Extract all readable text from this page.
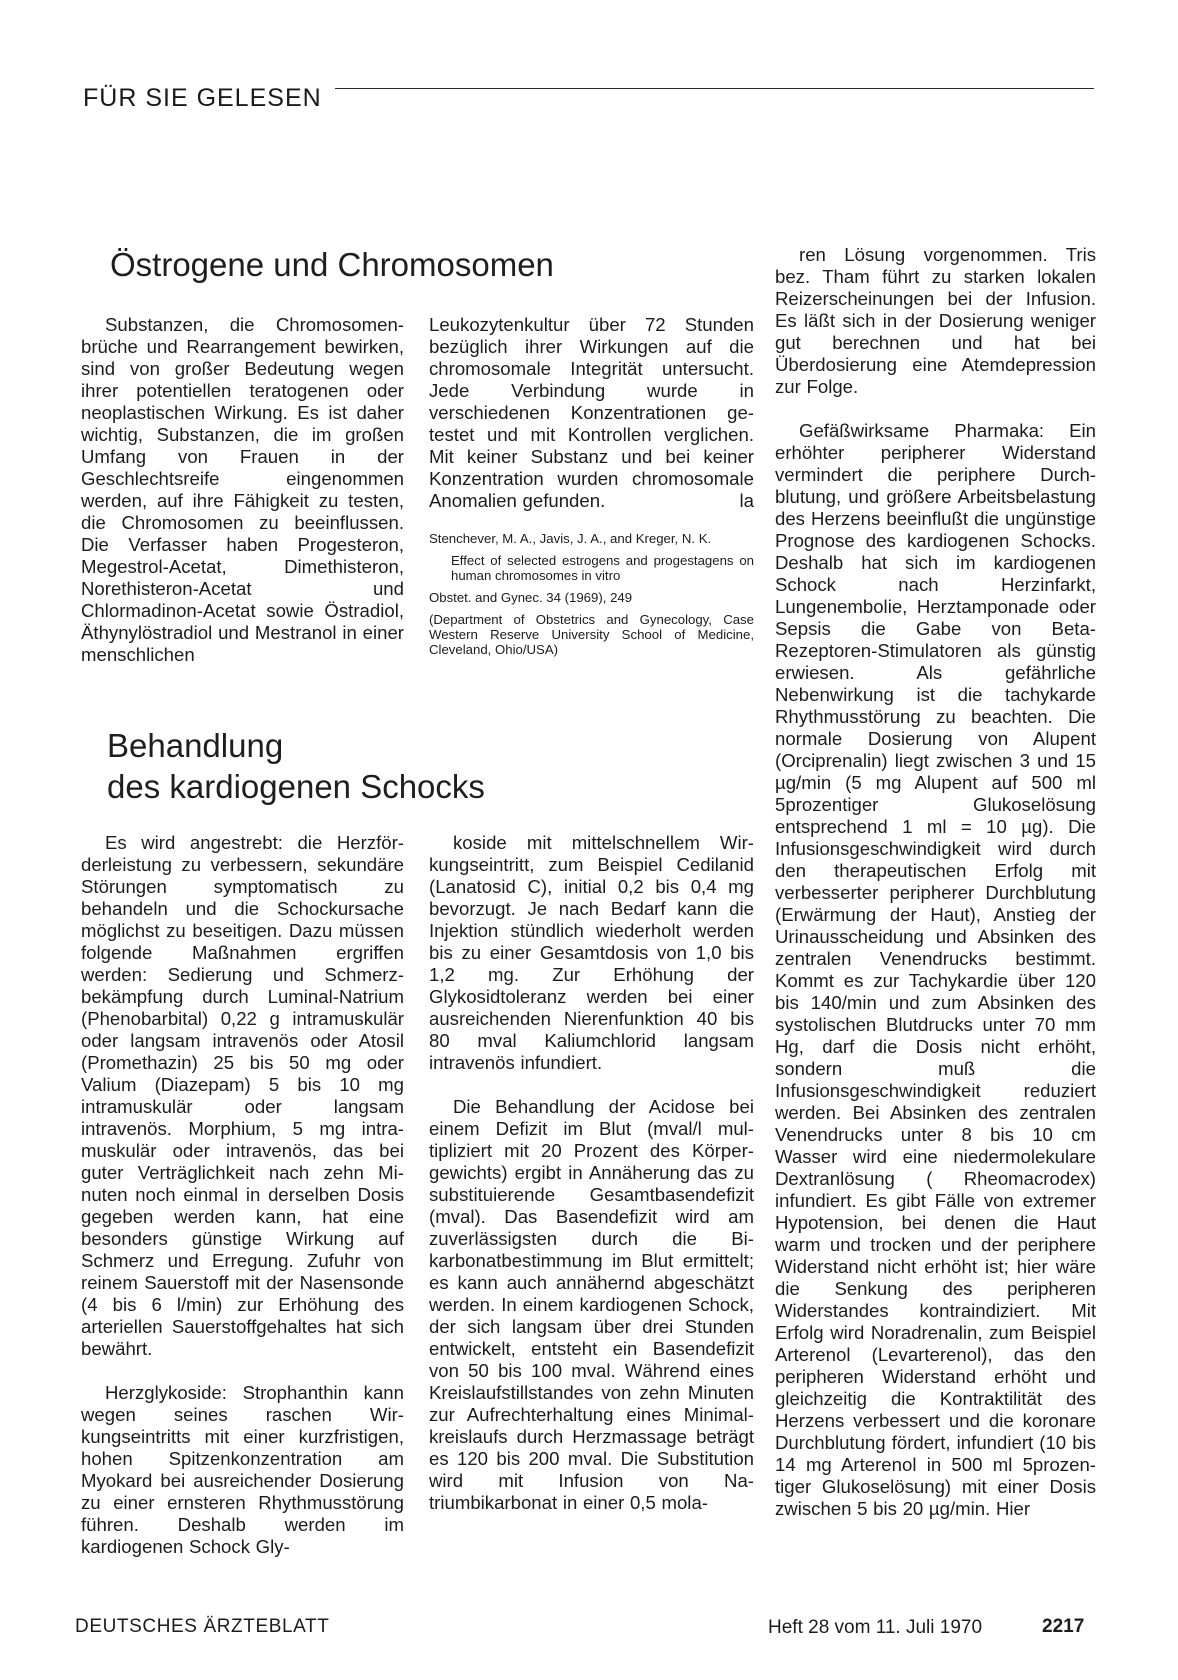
FÜR SIE GELESEN
Östrogene und Chromosomen

Substanzen, die Chromosomenbrüche und Rearrangement bewirken, sind von großer Bedeutung wegen ihrer potentiellen teratogenen oder neoplastischen Wirkung. Es ist daher wichtig, Substanzen, die im großen Umfang von Frauen in der Geschlechtsreife eingenommen werden, auf ihre Fähigkeit zu testen, die Chromosomen zu beeinflussen. Die Verfasser haben Progesteron, Megestrol-Acetat, Dimethisteron, Norethisteron-Acetat und Chlormadinon-Acetat sowie Östradiol, Äthynylöstradiol und Mestranol in einer menschlichen

Leukozytenkultur über 72 Stunden bezüglich ihrer Wirkungen auf die chromosomale Integrität untersucht. Jede Verbindung wurde in verschiedenen Konzentrationen getestet und mit Kontrollen verglichen. Mit keiner Substanz und bei keiner Konzentration wurden chromosomale Anomalien gefunden.	la

Stenchever, M. A., Javis, J. A., and Kreger, N. K.

Effect of selected estrogens and progestagens on human chromosomes in vitro

Obstet. and Gynec. 34 (1969), 249

(Department of Obstetrics and Gynecology, Case Western Reserve University School of Medicine, Cleveland, Ohio/USA)

Behandlung
des kardiogenen Schocks

Es wird angestrebt: die Herzförderleistung zu verbessern, sekundäre Störungen symptomatisch zu behandeln und die Schockursache möglichst zu beseitigen. Dazu müssen folgende Maßnahmen ergriffen werden: Sedierung und Schmerzbekämpfung durch Luminal-Natrium (Phenobarbital) 0,22 g intramuskulär oder langsam intravenös oder Atosil (Promethazin) 25 bis 50 mg oder Valium (Diazepam) 5 bis 10 mg intramuskulär oder langsam intravenös. Morphium, 5 mg intramuskulär oder intravenös, das bei guter Verträglichkeit nach zehn Minuten noch einmal in derselben Dosis gegeben werden kann, hat eine besonders günstige Wirkung auf Schmerz und Erregung. Zufuhr von reinem Sauerstoff mit der Nasensonde (4 bis 6 l/min) zur Erhöhung des arteriellen Sauerstoffgehaltes hat sich bewährt.

Herzglykoside: Strophanthin kann wegen seines raschen Wirkungseintritts mit einer kurzfristigen, hohen Spitzenkonzentration am Myokard bei ausreichender Dosierung zu einer ernsteren Rhythmusstörung führen. Deshalb werden im kardiogenen Schock Gly-

koside mit mittelschnellem Wirkungseintritt, zum Beispiel Cedilanid (Lanatosid C), initial 0,2 bis 0,4 mg bevorzugt. Je nach Bedarf kann die Injektion stündlich wiederholt werden bis zu einer Gesamtdosis von 1,0 bis 1,2 mg. Zur Erhöhung der Glykosidtoleranz werden bei einer ausreichenden Nierenfunktion 40 bis 80 mval Kaliumchlorid langsam intravenös infundiert.

Die Behandlung der Acidose bei einem Defizit im Blut (mval/l multipliziert mit 20 Prozent des Körpergewichts) ergibt in Annäherung das zu substituierende Gesamtbasendefizit (mval). Das Basendefizit wird am zuverlässigsten durch die Bikarbonatbestimmung im Blut ermittelt; es kann auch annähernd abgeschätzt werden. In einem kardiogenen Schock, der sich langsam über drei Stunden entwickelt, entsteht ein Basendefizit von 50 bis 100 mval. Während eines Kreislaufstillstandes von zehn Minuten zur Aufrechterhaltung eines Minimalkreislaufs durch Herzmassage beträgt es 120 bis 200 mval. Die Substitution wird mit Infusion von Natriumbikarbonat in einer 0,5 mola-

ren Lösung vorgenommen. Tris bez. Tham führt zu starken lokalen Reizerscheinungen bei der Infusion. Es läßt sich in der Dosierung weniger gut berechnen und hat bei Überdosierung eine Atemdepression zur Folge.

Gefäßwirksame Pharmaka: Ein erhöhter peripherer Widerstand vermindert die periphere Durchblutung, und größere Arbeitsbelastung des Herzens beeinflußt die ungünstige Prognose des kardiogenen Schocks. Deshalb hat sich im kardiogenen Schock nach Herzinfarkt, Lungenembolie, Herztamponade oder Sepsis die Gabe von Beta-Rezeptoren-Stimulatoren als günstig erwiesen. Als gefährliche Nebenwirkung ist die tachykarde Rhythmusstörung zu beachten. Die normale Dosierung von Alupent (Orciprenalin) liegt zwischen 3 und 15 µg/min (5 mg Alupent auf 500 ml 5prozentiger Glukoselösung entsprechend 1 ml = 10 µg). Die Infusionsgeschwindigkeit wird durch den therapeutischen Erfolg mit verbesserter peripherer Durchblutung (Erwärmung der Haut), Anstieg der Urinausscheidung und Absinken des zentralen Venendrucks bestimmt. Kommt es zur Tachykardie über 120 bis 140/min und zum Absinken des systolischen Blutdrucks unter 70 mm Hg, darf die Dosis nicht erhöht, sondern muß die Infusionsgeschwindigkeit reduziert werden. Bei Absinken des zentralen Venendrucks unter 8 bis 10 cm Wasser wird eine niedermolekulare Dextranlösung ( Rheomacrodex) infundiert. Es gibt Fälle von extremer Hypotension, bei denen die Haut warm und trocken und der periphere Widerstand nicht erhöht ist; hier wäre die Senkung des peripheren Widerstandes kontraindiziert. Mit Erfolg wird Noradrenalin, zum Beispiel Arterenol (Levarterenol), das den peripheren Widerstand erhöht und gleichzeitig die Kontraktilität des Herzens verbessert und die koronare Durchblutung fördert, infundiert (10 bis 14 mg Arterenol in 500 ml 5prozentiger Glukoselösung) mit einer Dosis zwischen 5 bis 20 µg/min. Hier

DEUTSCHES ÄRZTEBLATT	Heft 28 vom 11. Juli 1970	2217
